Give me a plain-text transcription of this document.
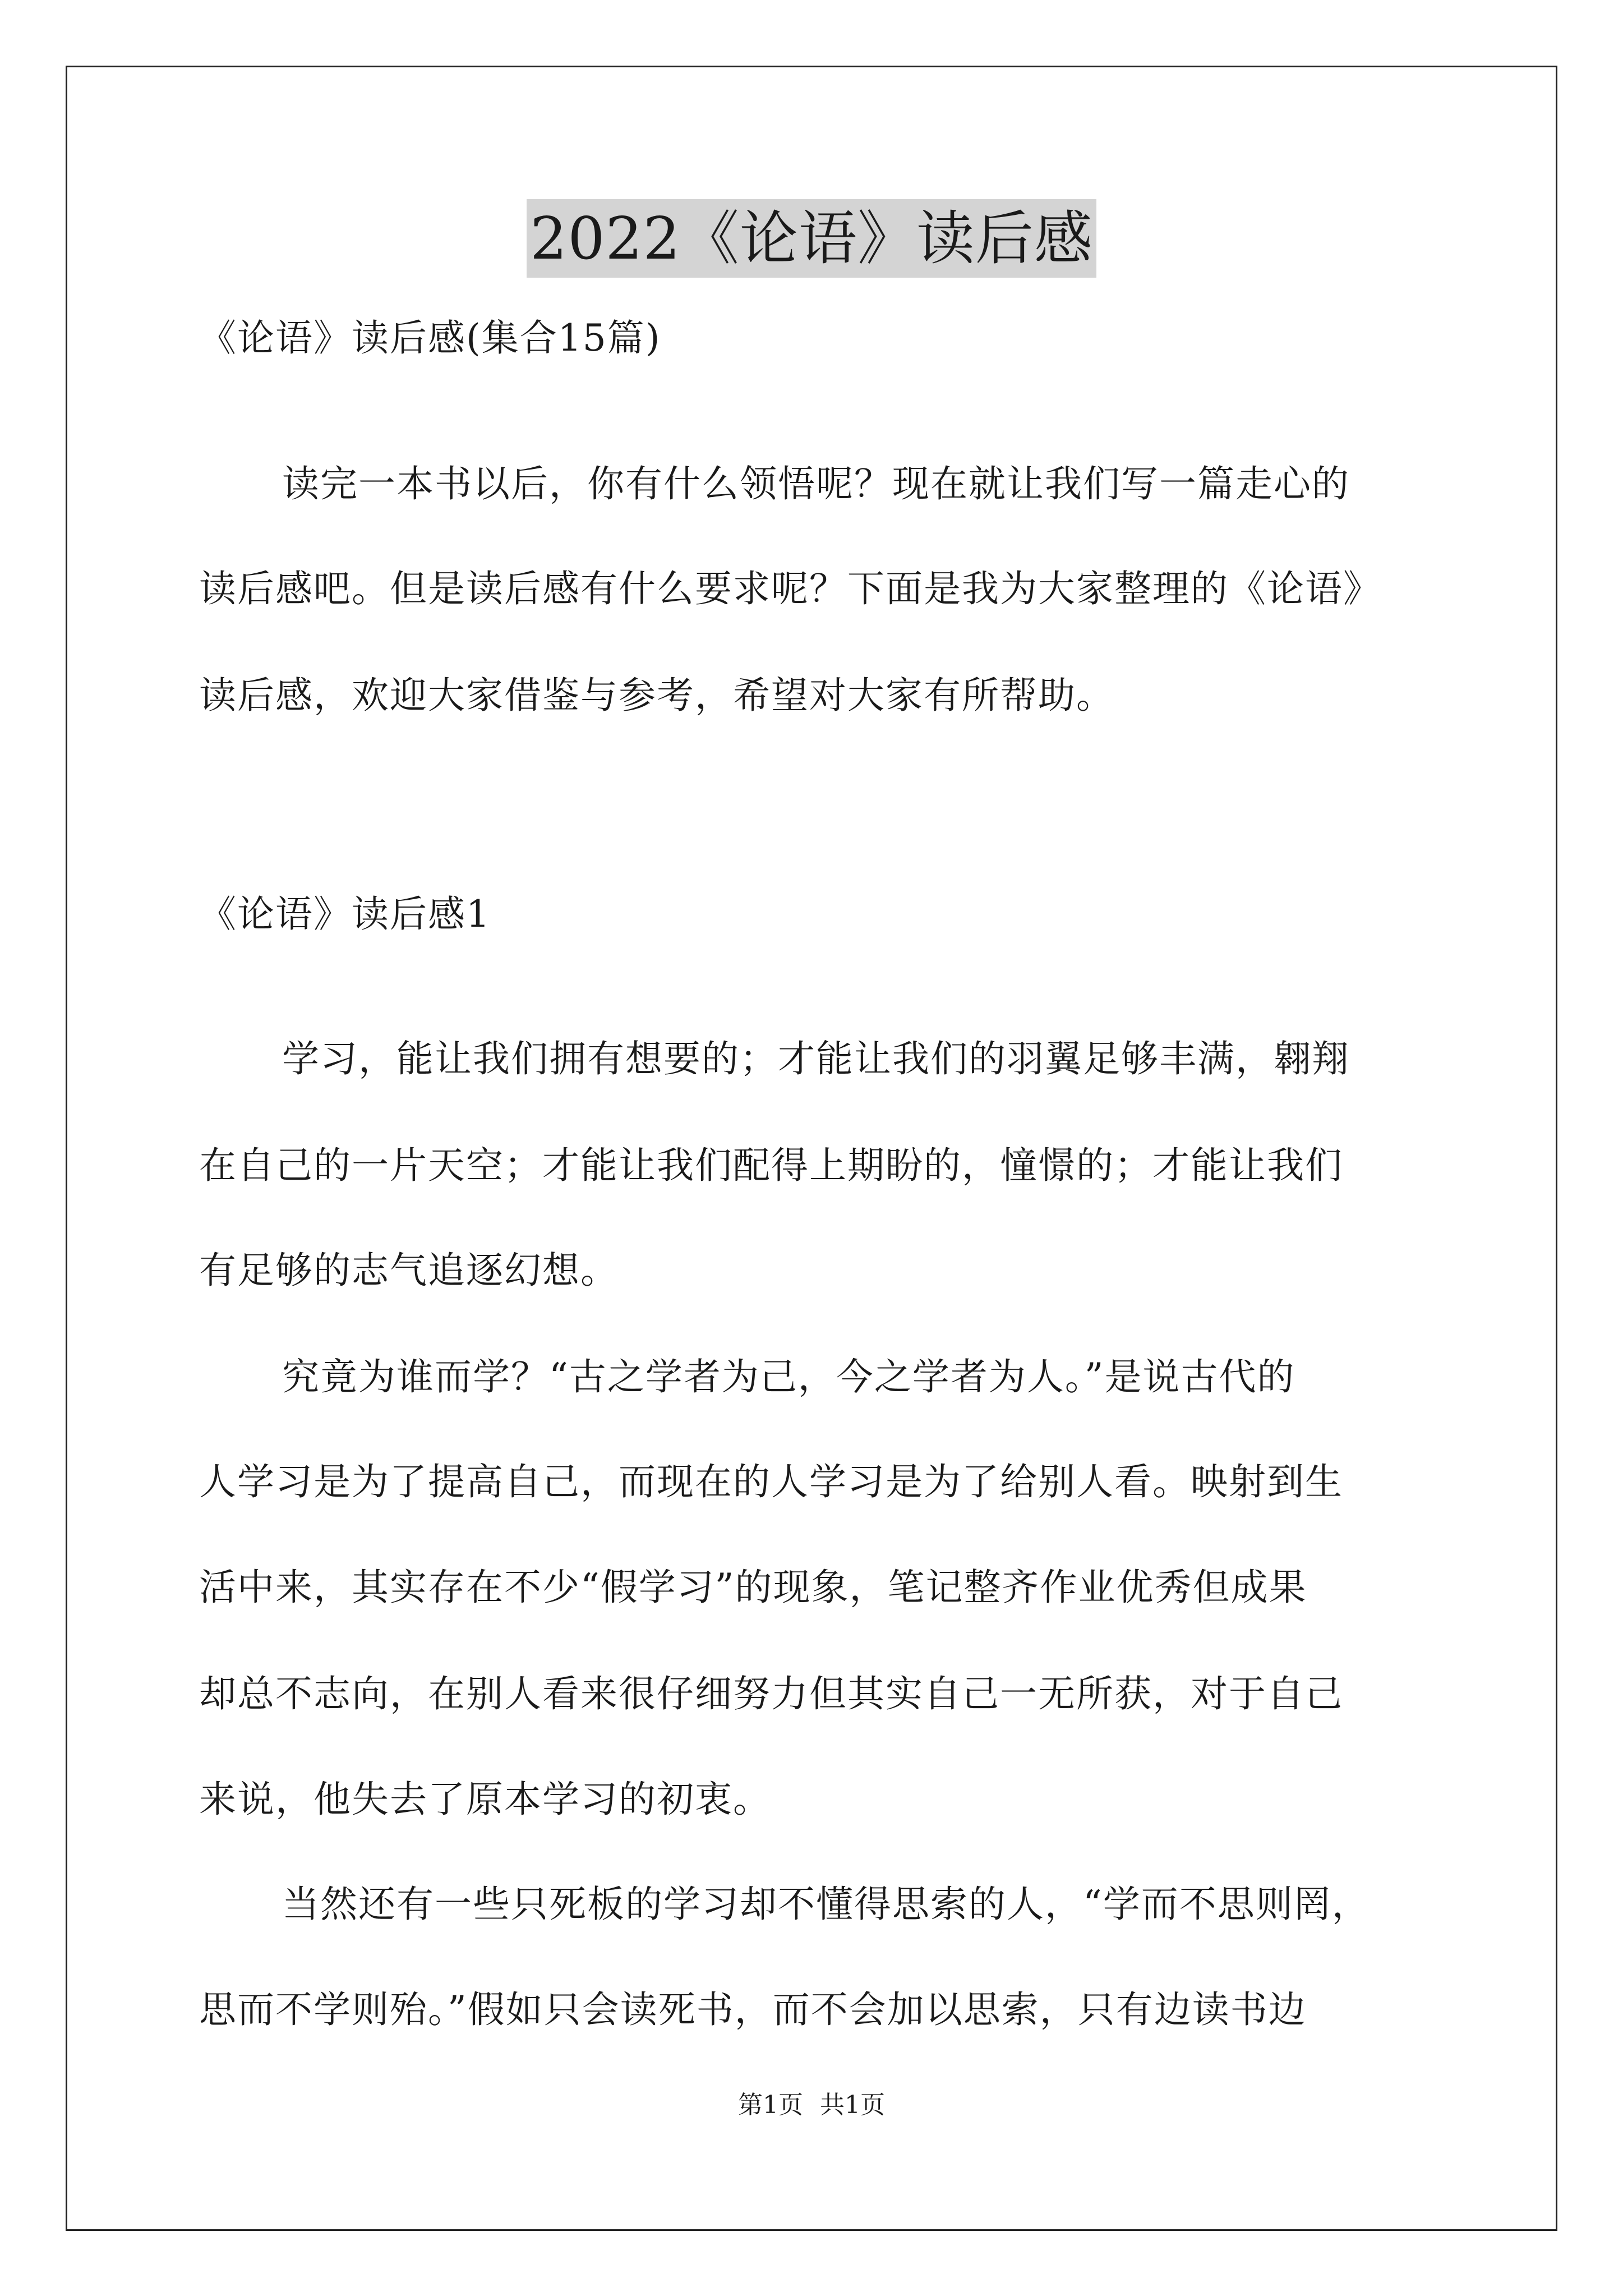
2022《论语》读后感
《论语》读后感(集合15篇)
读完一本书以后，你有什么领悟呢？现在就让我们写一篇走心的
读后感吧。但是读后感有什么要求呢？下面是我为大家整理的《论语》
读后感，欢迎大家借鉴与参考，希望对大家有所帮助。
《论语》读后感1
学习，能让我们拥有想要的；才能让我们的羽翼足够丰满，翱翔
在自己的一片天空；才能让我们配得上期盼的，憧憬的；才能让我们
有足够的志气追逐幻想。
究竟为谁而学？“古之学者为己，今之学者为人。”是说古代的
人学习是为了提高自己，而现在的人学习是为了给别人看。映射到生
活中来，其实存在不少“假学习”的现象，笔记整齐作业优秀但成果
却总不志向，在别人看来很仔细努力但其实自己一无所获，对于自己
来说，他失去了原本学习的初衷。
当然还有一些只死板的学习却不懂得思索的人，“学而不思则罔，
思而不学则殆。”假如只会读死书，而不会加以思索，只有边读书边
第1页 共1页
